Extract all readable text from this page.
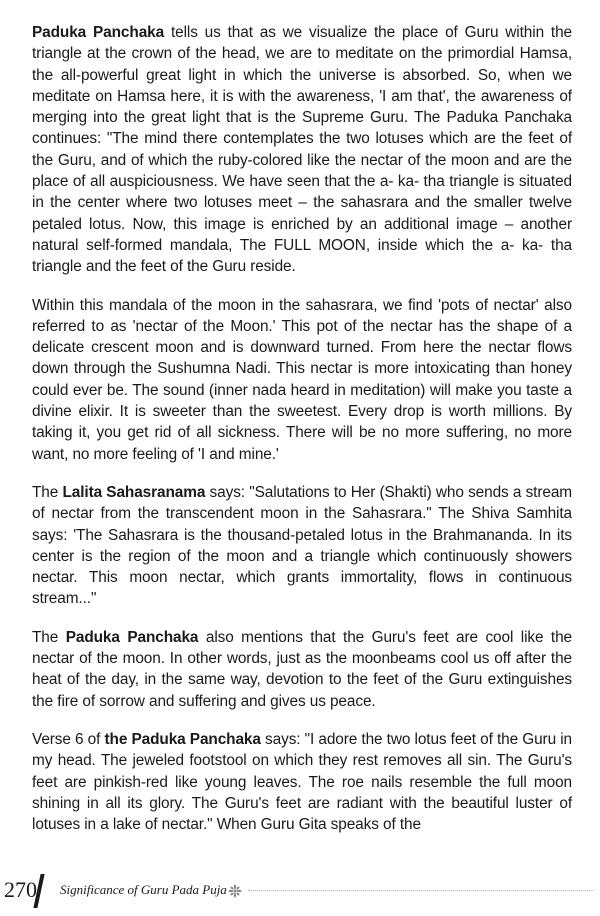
Paduka Panchaka tells us that as we visualize the place of Guru within the triangle at the crown of the head, we are to meditate on the primordial Hamsa, the all-powerful great light in which the universe is absorbed. So, when we meditate on Hamsa here, it is with the awareness, 'I am that', the awareness of merging into the great light that is the Supreme Guru. The Paduka Panchaka continues: "The mind there contemplates the two lotuses which are the feet of the Guru, and of which the ruby-colored like the nectar of the moon and are the place of all auspiciousness. We have seen that the a- ka- tha triangle is situated in the center where two lotuses meet – the sahasrara and the smaller twelve petaled lotus. Now, this image is enriched by an additional image – another natural self-formed mandala, The FULL MOON, inside which the a- ka- tha triangle and the feet of the Guru reside.

Within this mandala of the moon in the sahasrara, we find 'pots of nectar' also referred to as 'nectar of the Moon.' This pot of the nectar has the shape of a delicate crescent moon and is downward turned. From here the nectar flows down through the Sushumna Nadi. This nectar is more intoxicating than honey could ever be. The sound (inner nada heard in meditation) will make you taste a divine elixir. It is sweeter than the sweetest. Every drop is worth millions. By taking it, you get rid of all sickness. There will be no more suffering, no more want, no more feeling of 'I and mine.'

The Lalita Sahasranama says: "Salutations to Her (Shakti) who sends a stream of nectar from the transcendent moon in the Sahasrara." The Shiva Samhita says: 'The Sahasrara is the thousand-petaled lotus in the Brahmananda. In its center is the region of the moon and a triangle which continuously showers nectar. This moon nectar, which grants immortality, flows in continuous stream..."

The Paduka Panchaka also mentions that the Guru's feet are cool like the nectar of the moon. In other words, just as the moonbeams cool us off after the heat of the day, in the same way, devotion to the feet of the Guru extinguishes the fire of sorrow and suffering and gives us peace.

Verse 6 of the Paduka Panchaka says: "I adore the two lotus feet of the Guru in my head. The jeweled footstool on which they rest removes all sin. The Guru's feet are pinkish-red like young leaves. The roe nails resemble the full moon shining in all its glory. The Guru's feet are radiant with the beautiful luster of lotuses in a lake of nectar." When Guru Gita speaks of the

270 Significance of Guru Pada Puja
